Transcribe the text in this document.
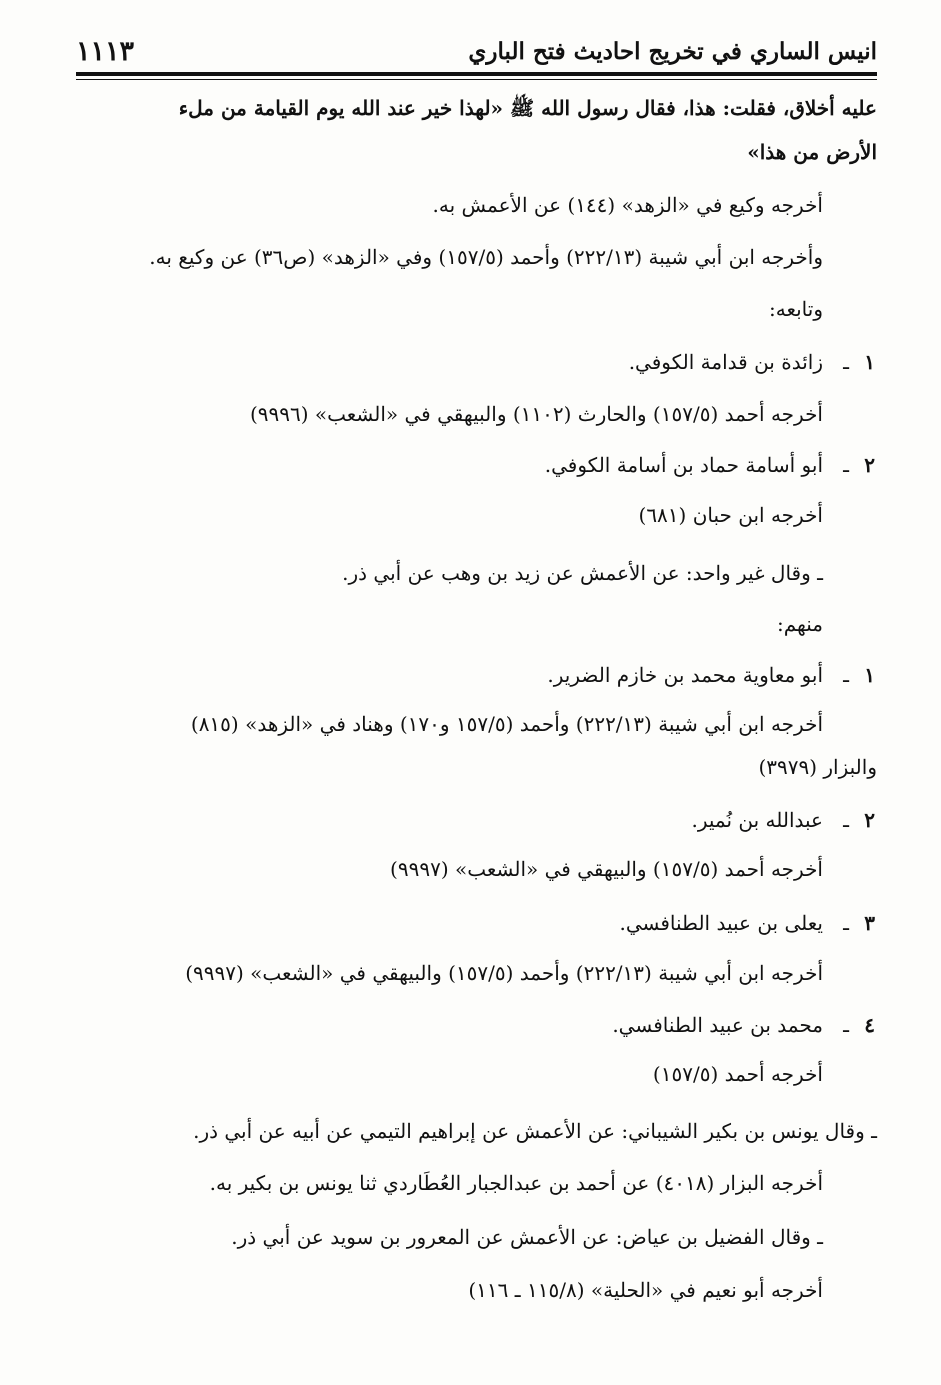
١١١٣	انيس الساري في تخريج احاديث فتح الباري
عليه أخلاق، فقلت: هذا، فقال رسول الله ﷺ «لهذا خير عند الله يوم القيامة من ملء
الأرض من هذا»
أخرجه وكيع في «الزهد» (١٤٤) عن الأعمش به.
وأخرجه ابن أبي شيبة (٢٢٢/١٣) وأحمد (١٥٧/٥) وفي «الزهد» (ص٣٦) عن وكيع به.
وتابعه:
١ـزائدة بن قدامة الكوفي.
أخرجه أحمد (١٥٧/٥) والحارث (١١٠٢) والبيهقي في «الشعب» (٩٩٩٦)
٢ـأبو أسامة حماد بن أسامة الكوفي.
أخرجه ابن حبان (٦٨١)
ـ وقال غير واحد: عن الأعمش عن زيد بن وهب عن أبي ذر.
منهم:
١ـأبو معاوية محمد بن خازم الضرير.
أخرجه ابن أبي شيبة (٢٢٢/١٣) وأحمد (١٥٧/٥ و١٧٠) وهناد في «الزهد» (٨١٥)
والبزار (٣٩٧٩)
٢ـعبدالله بن نُمير.
أخرجه أحمد (١٥٧/٥) والبيهقي في «الشعب» (٩٩٩٧)
٣ـيعلى بن عبيد الطنافسي.
أخرجه ابن أبي شيبة (٢٢٢/١٣) وأحمد (١٥٧/٥) والبيهقي في «الشعب» (٩٩٩٧)
٤ـمحمد بن عبيد الطنافسي.
أخرجه أحمد (١٥٧/٥)
ـ وقال يونس بن بكير الشيباني: عن الأعمش عن إبراهيم التيمي عن أبيه عن أبي ذر.
أخرجه البزار (٤٠١٨) عن أحمد بن عبدالجبار العُطَاردي ثنا يونس بن بكير به.
ـ وقال الفضيل بن عياض: عن الأعمش عن المعرور بن سويد عن أبي ذر.
أخرجه أبو نعيم في «الحلية» (١١٥/٨ ـ ١١٦)
